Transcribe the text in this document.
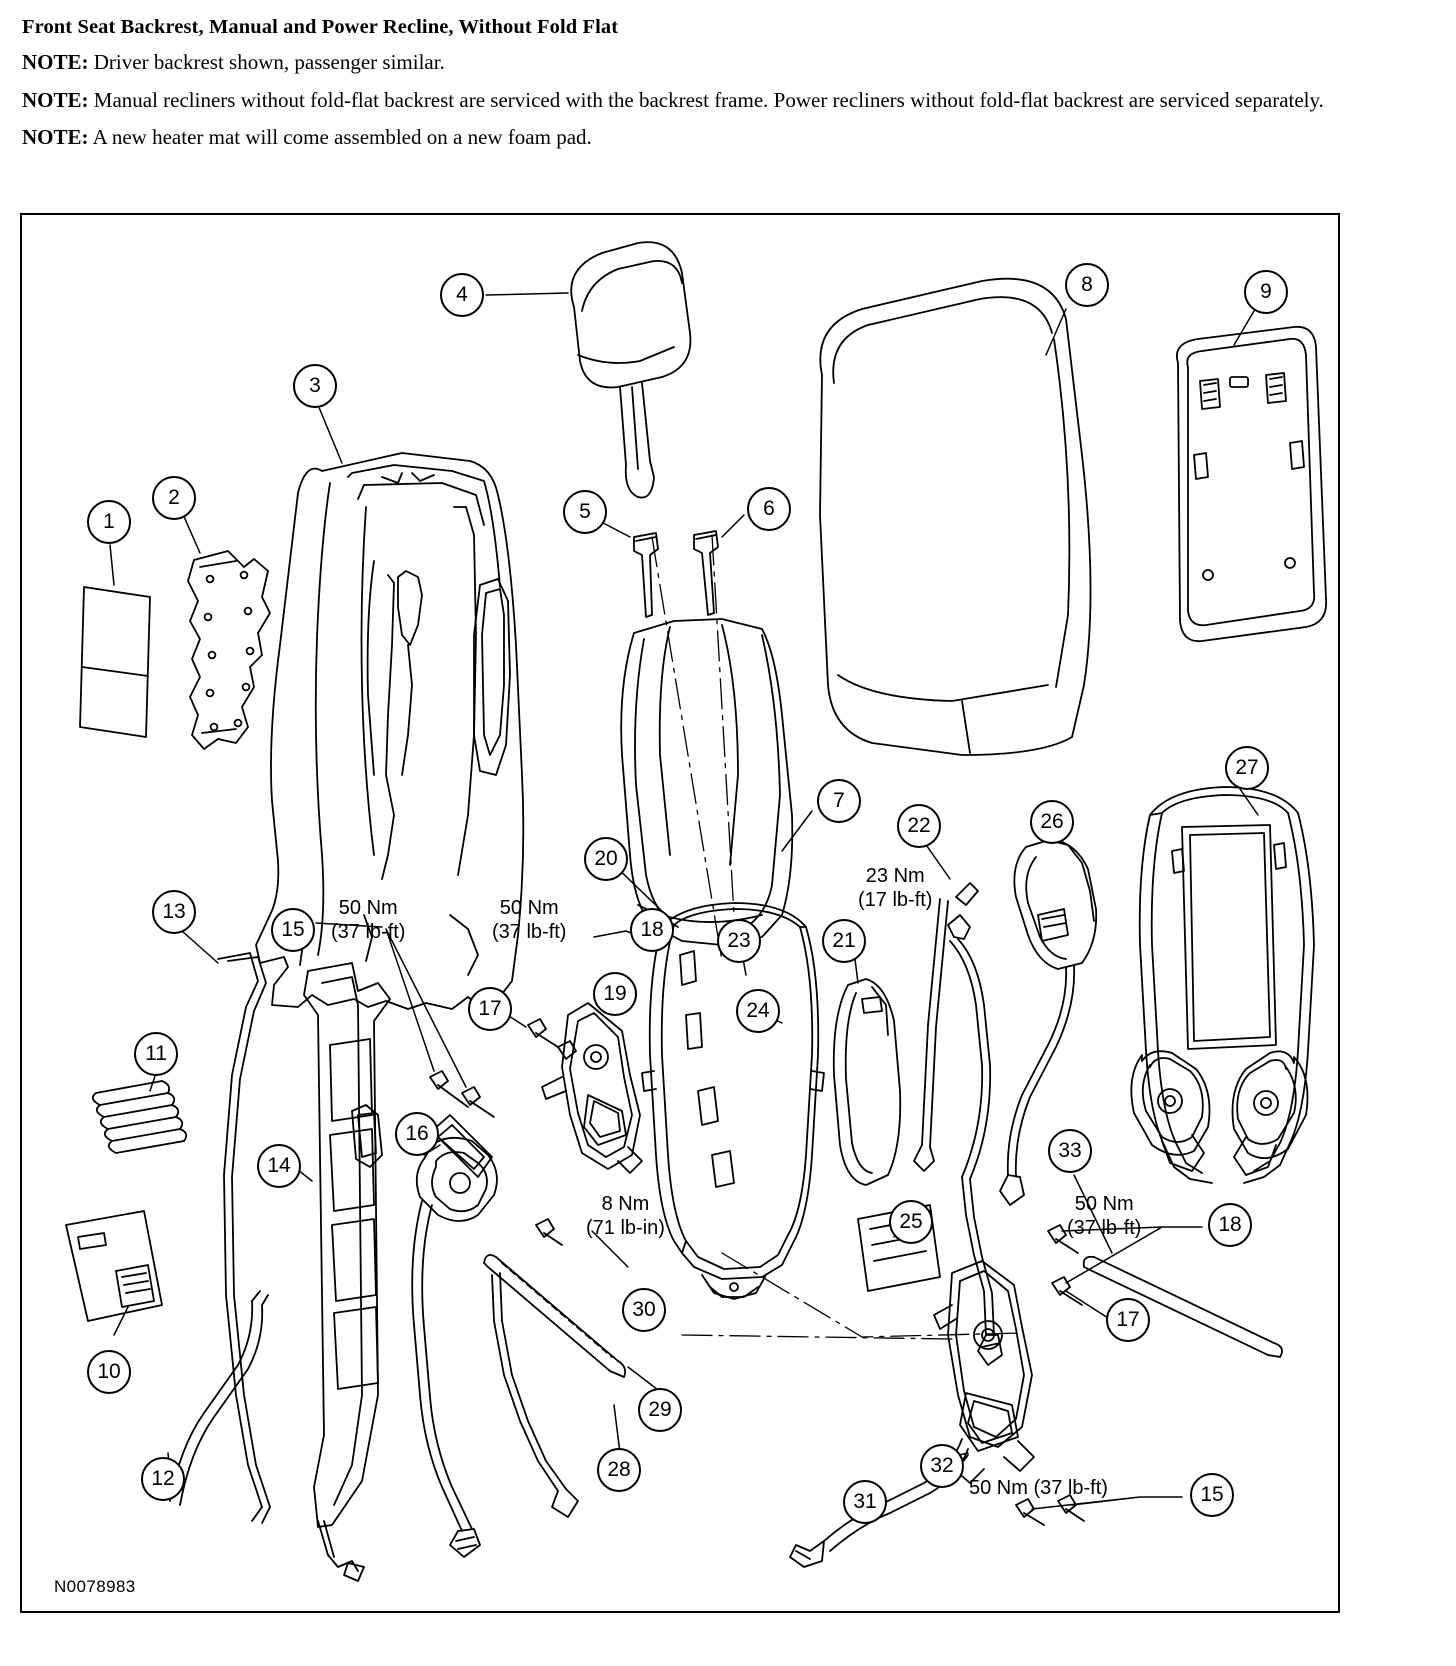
Front Seat Backrest, Manual and Power Recline, Without Fold Flat

NOTE: Driver backrest shown, passenger similar.

NOTE: Manual recliners without fold-flat backrest are serviced with the backrest frame. Power recliners without fold-flat backrest are serviced separately.

NOTE: A new heater mat will come assembled on a new foam pad.

1
2
3
4
5	6
7
8	9
10
11
12
13
14
15
16
17
18
19
20
21
22
23
24
25
26
27
28
29
30
31
32
33
17
18
15
50 Nm
(37 lb-ft)
50 Nm
(37 lb-ft)
23 Nm
(17 lb-ft)
8 Nm
(71 lb-in)
50 Nm
(37 lb-ft)
50 Nm (37 lb-ft)
N0078983
